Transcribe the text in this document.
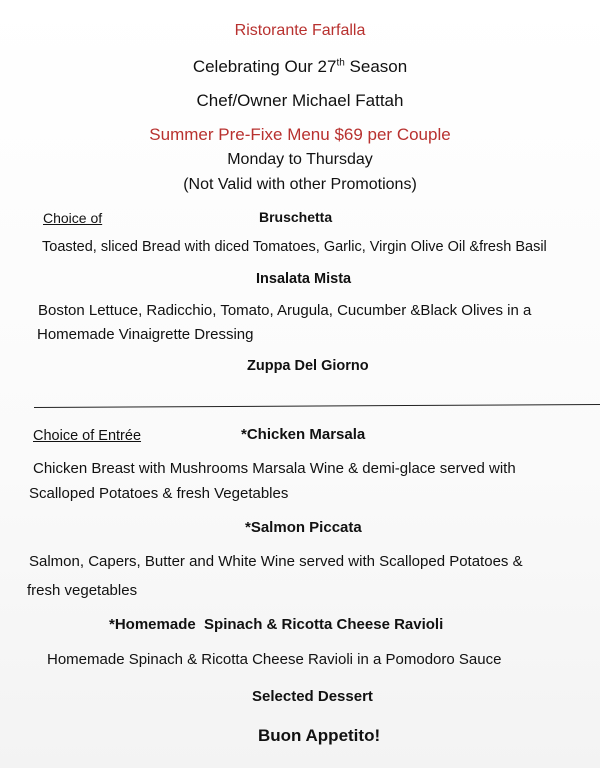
Ristorante Farfalla
Celebrating Our 27th Season
Chef/Owner Michael Fattah
Summer Pre-Fixe Menu $69 per Couple
Monday to Thursday
(Not Valid with other Promotions)
Choice of	Bruschetta
Toasted, sliced Bread with diced Tomatoes, Garlic, Virgin Olive Oil &fresh Basil
Insalata Mista
Boston Lettuce, Radicchio, Tomato, Arugula, Cucumber &Black Olives in a
Homemade Vinaigrette Dressing
Zuppa Del Giorno
Choice of Entrée	*Chicken Marsala
Chicken Breast with Mushrooms Marsala Wine & demi-glace served with
Scalloped Potatoes & fresh Vegetables
*Salmon Piccata
Salmon, Capers, Butter and White Wine served with Scalloped Potatoes &
fresh vegetables
*Homemade  Spinach & Ricotta Cheese Ravioli
Homemade Spinach & Ricotta Cheese Ravioli in a Pomodoro Sauce
Selected Dessert
Buon Appetito!
